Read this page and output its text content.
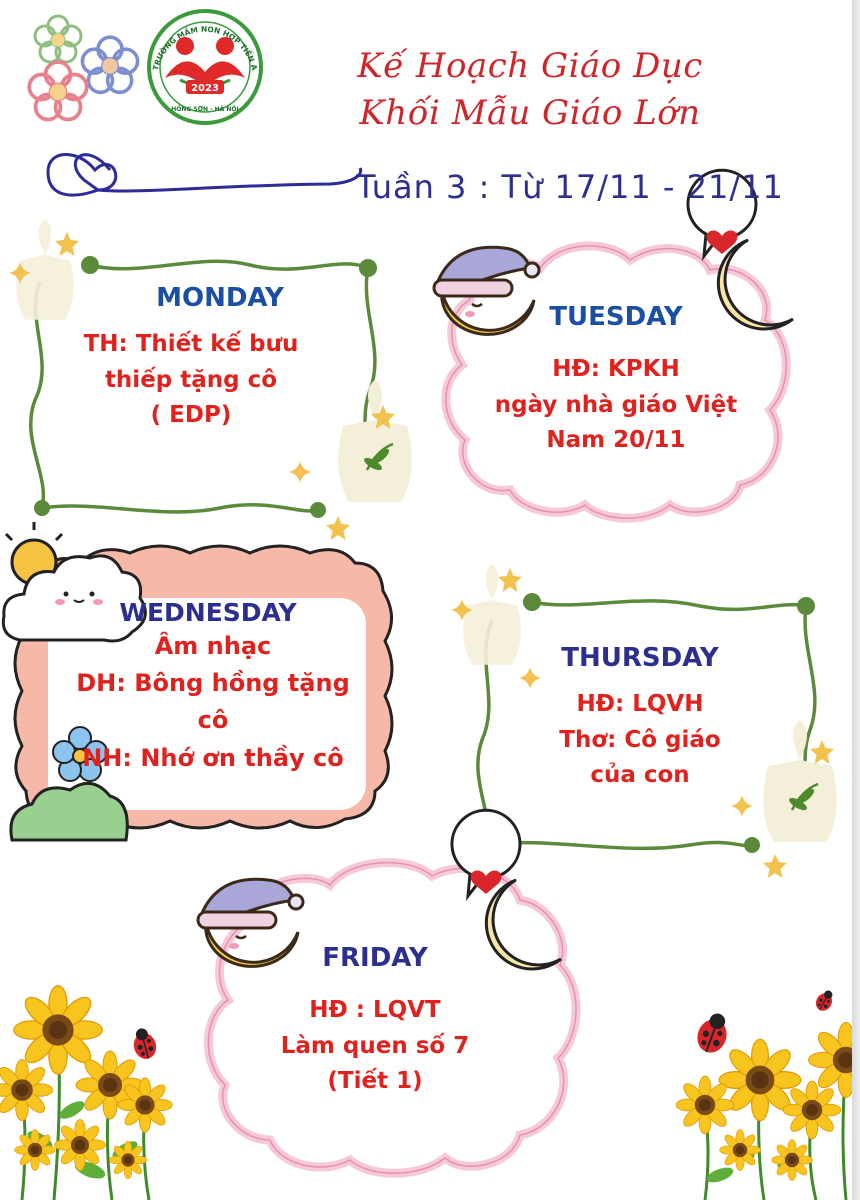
2023
TRƯỜNG MẦM NON HỢP TIẾN A
HỒNG SƠN - HÀ NỘI
Kế Hoạch Giáo Dục
Khối Mẫu Giáo Lớn
Tuần 3 : Từ 17/11 - 21/11
MONDAY
TH: Thiết kế bưu
thiếp tặng cô
( EDP)
TUESDAY
HĐ: KPKH
ngày nhà giáo Việt
Nam 20/11
WEDNESDAY
Âm nhạc
DH: Bông hồng tặng
cô
NH: Nhớ ơn thầy cô
THURSDAY
HĐ: LQVH
Thơ: Cô giáo
của con
FRIDAY
HĐ : LQVT
Làm quen số 7
(Tiết 1)
